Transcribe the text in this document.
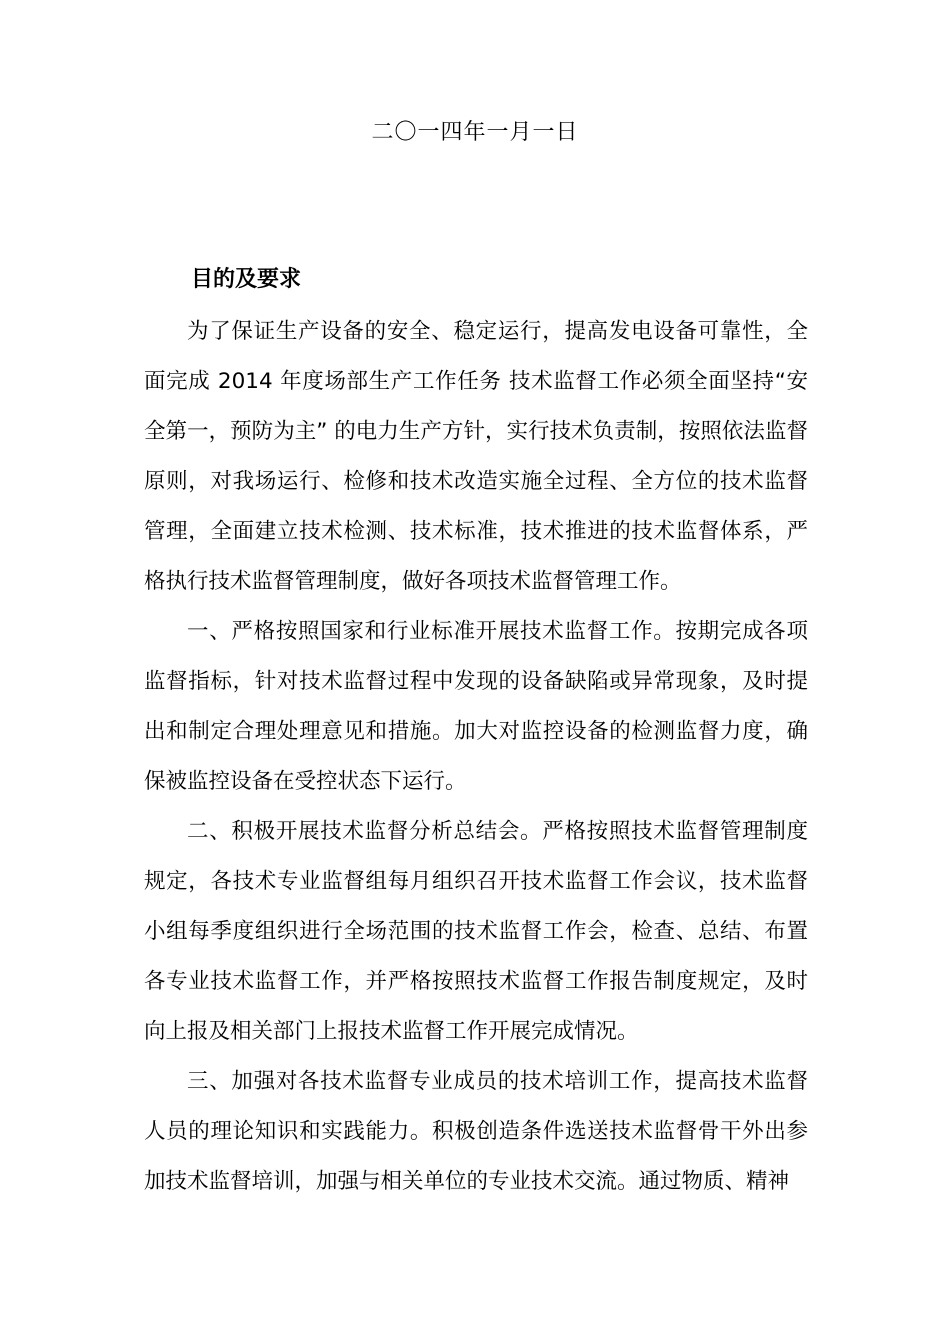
二〇一四年一月一日
目的及要求

为了保证生产设备的安全、稳定运行，提高发电设备可靠性，全面完成 2014 年度场部生产工作任务 技术监督工作必须全面坚持“安全第一，预防为主” 的电力生产方针，实行技术负责制，按照依法监督原则，对我场运行、检修和技术改造实施全过程、全方位的技术监督管理，全面建立技术检测、技术标准，技术推进的技术监督体系，严格执行技术监督管理制度，做好各项技术监督管理工作。

一、严格按照国家和行业标准开展技术监督工作。按期完成各项监督指标，针对技术监督过程中发现的设备缺陷或异常现象，及时提出和制定合理处理意见和措施。加大对监控设备的检测监督力度，确保被监控设备在受控状态下运行。

二、积极开展技术监督分析总结会。严格按照技术监督管理制度规定，各技术专业监督组每月组织召开技术监督工作会议，技术监督小组每季度组织进行全场范围的技术监督工作会，检查、总结、布置各专业技术监督工作，并严格按照技术监督工作报告制度规定，及时向上报及相关部门上报技术监督工作开展完成情况。

三、加强对各技术监督专业成员的技术培训工作，提高技术监督人员的理论知识和实践能力。积极创造条件选送技术监督骨干外出参加技术监督培训，加强与相关单位的专业技术交流。通过物质、精神
